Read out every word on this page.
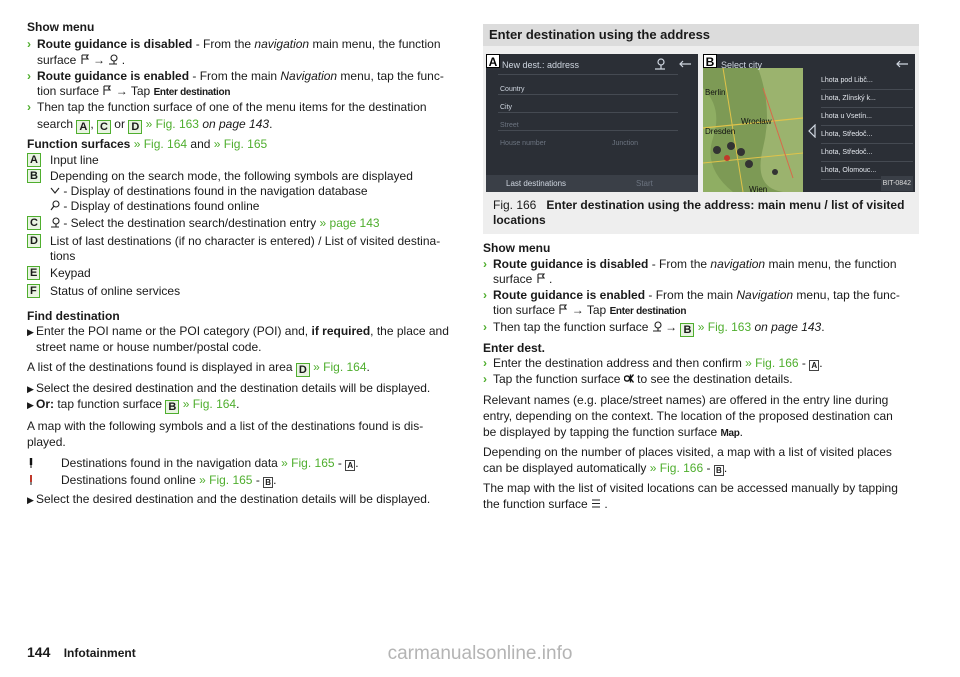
Show menu
› Route guidance is disabled - From the navigation main menu, the function
surface →  .
› Route guidance is enabled - From the main Navigation menu, tap the func-
tion surface → Tap Enter destination
› Then tap the function surface of one of the menu items for the destination
search A , C or D » Fig. 163 on page 143.
Function surfaces » Fig. 164 and » Fig. 165
A Input line
B Depending on the search mode, the following symbols are displayed
- Display of destinations found in the navigation database
- Display of destinations found online
C	- Select the destination search/destination entry » page 143
D List of last destinations (if no character is entered) / List of visited destina-
tions
E Keypad
F Status of online services
Find destination
▶ Enter the POI name or the POI category (POI) and, if required, the place and
street name or house number/postal code.
A list of the destinations found is displayed in area D » Fig. 164.
▶ Select the desired destination and the destination details will be displayed.
▶ Or: tap function surface B » Fig. 164.
A map with the following symbols and a list of the destinations found is dis-
played.
Destinations found in the navigation data » Fig. 165 - A .
Destinations found online » Fig. 165 - B .
▶ Select the desired destination and the destination details will be displayed.
Enter destination using the address
A New dest.: address
Country
City
Street
House number	Junction
Last destinations	Start
Berlin
Dresden
Wrocław
Wien
B Select city
Lhota pod Libč...
Lhota, Zlínský k...
Lhota u Vsetín...
Lhota, Středoč...
Lhota, Středoč...
Lhota, Olomouc...
BIT-0842
Fig. 166 Enter destination using the address: main menu / list of visited
locations
Show menu
› Route guidance is disabled - From the navigation main menu, the function
surface  .
› Route guidance is enabled - From the main Navigation menu, tap the func-
tion surface → Tap Enter destination
› Then tap the function surface → B » Fig. 163 on page 143.
Enter dest.
› Enter the destination address and then confirm » Fig. 166 - A .
› Tap the function surface to see the destination details.
Relevant names (e.g. place/street names) are offered in the entry line during
entry, depending on the context. The location of the proposed destination can
be displayed by tapping the function surface Map.
Depending on the number of places visited, a map with a list of visited places
can be displayed automatically » Fig. 166 - B .
The map with the list of visited locations can be accessed manually by tapping
the function surface  .
144 Infotainment	carmanualsonline.info
